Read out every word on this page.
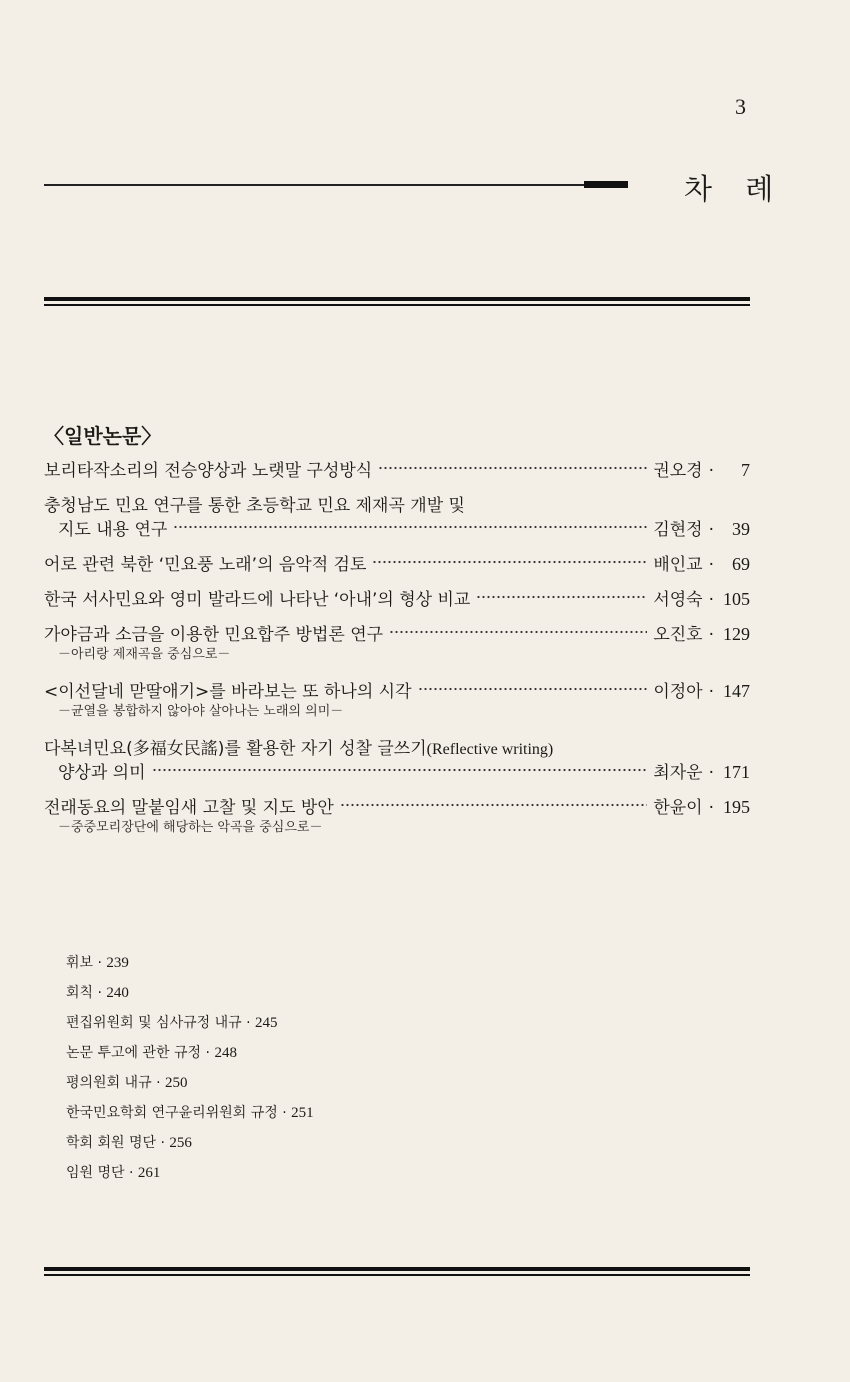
3
차 례
〈일반논문〉
보리타작소리의 전승양상과 노랫말 구성방식	권오경 ·	7
충청남도 민요 연구를 통한 초등학교 민요 제재곡 개발 및
지도 내용 연구	김현정 ·	39
어로 관련 북한 ‘민요풍 노래’의 음악적 검토	배인교 ·	69
한국 서사민요와 영미 발라드에 나타난 ‘아내’의 형상 비교	서영숙 · 105
가야금과 소금을 이용한 민요합주 방법론 연구	오진호 · 129
－아리랑 제재곡을 중심으로－
<이선달네 맏딸애기>를 바라보는 또 하나의 시각	이정아 · 147
－균열을 봉합하지 않아야 살아나는 노래의 의미－
다복녀민요(多福女民謠)를 활용한 자기 성찰 글쓰기 (Reflective writing)
양상과 의미	최자운 · 171
전래동요의 말붙임새 고찰 및 지도 방안	한윤이 · 195
－중중모리장단에 해당하는 악곡을 중심으로－
휘보 · 239
회칙 · 240
편집위원회 및 심사규정 내규 · 245
논문 투고에 관한 규정 · 248
평의원회 내규 · 250
한국민요학회 연구윤리위원회 규정 · 251
학회 회원 명단 · 256
임원 명단 · 261
